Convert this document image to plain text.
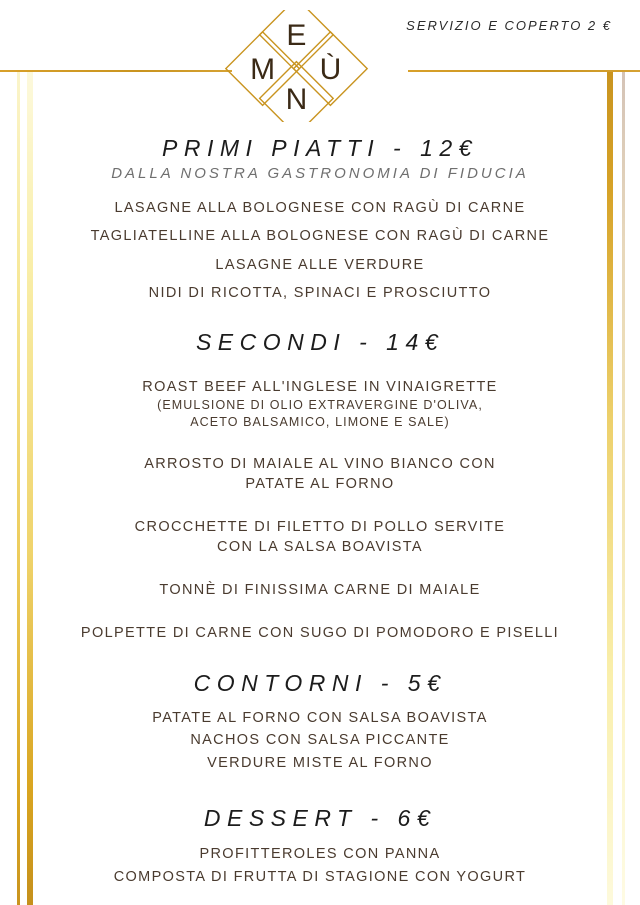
SERVIZIO E COPERTO 2 €
M
E
N
Ù
PRIMI PIATTI - 12€
DALLA NOSTRA GASTRONOMIA DI FIDUCIA
LASAGNE ALLA BOLOGNESE CON RAGÙ DI CARNE
TAGLIATELLINE ALLA BOLOGNESE CON RAGÙ DI CARNE
LASAGNE ALLE VERDURE
NIDI DI RICOTTA, SPINACI E PROSCIUTTO
SECONDI - 14€
ROAST BEEF ALL'INGLESE IN VINAIGRETTE
(EMULSIONE DI OLIO EXTRAVERGINE D'OLIVA,
ACETO BALSAMICO, LIMONE E SALE)
ARROSTO DI MAIALE AL VINO BIANCO CON
PATATE AL FORNO
CROCCHETTE DI FILETTO DI POLLO SERVITE
CON LA SALSA BOAVISTA
TONNÈ DI FINISSIMA CARNE DI MAIALE
POLPETTE DI CARNE CON SUGO DI POMODORO E PISELLI
CONTORNI - 5€
PATATE AL FORNO CON SALSA BOAVISTA
NACHOS CON SALSA PICCANTE
VERDURE MISTE AL FORNO
DESSERT - 6€
PROFITTEROLES CON PANNA
COMPOSTA DI FRUTTA DI STAGIONE CON YOGURT
